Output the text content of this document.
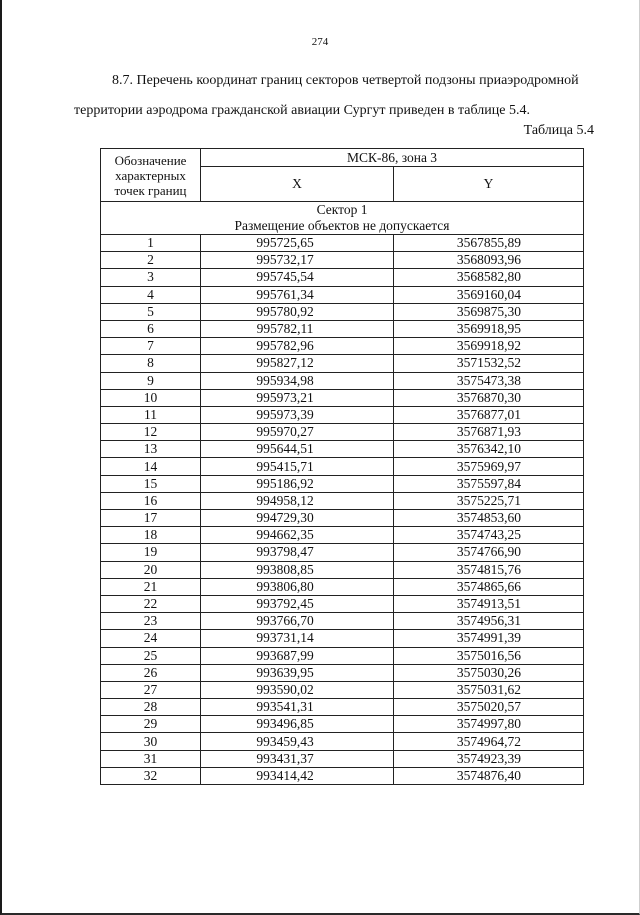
274

8.7. Перечень координат границ секторов четвертой подзоны приаэродромной
территории аэродрома гражданской авиации Сургут приведен в таблице 5.4.

Таблица 5.4
Обозначение характерных точек границ	МСК-86, зона 3	
	X	Y

Сектор 1
Размещение объектов не допускается		

1	995725,65	3567855,89
2	995732,17	3568093,96
3	995745,54	3568582,80
4	995761,34	3569160,04
5	995780,92	3569875,30
6	995782,11	3569918,95
7	995782,96	3569918,92
8	995827,12	3571532,52
9	995934,98	3575473,38
10	995973,21	3576870,30
11	995973,39	3576877,01
12	995970,27	3576871,93
13	995644,51	3576342,10
14	995415,71	3575969,97
15	995186,92	3575597,84
16	994958,12	3575225,71
17	994729,30	3574853,60
18	994662,35	3574743,25
19	993798,47	3574766,90
20	993808,85	3574815,76
21	993806,80	3574865,66
22	993792,45	3574913,51
23	993766,70	3574956,31
24	993731,14	3574991,39
25	993687,99	3575016,56
26	993639,95	3575030,26
27	993590,02	3575031,62
28	993541,31	3575020,57
29	993496,85	3574997,80
30	993459,43	3574964,72
31	993431,37	3574923,39
32	993414,42	3574876,40
